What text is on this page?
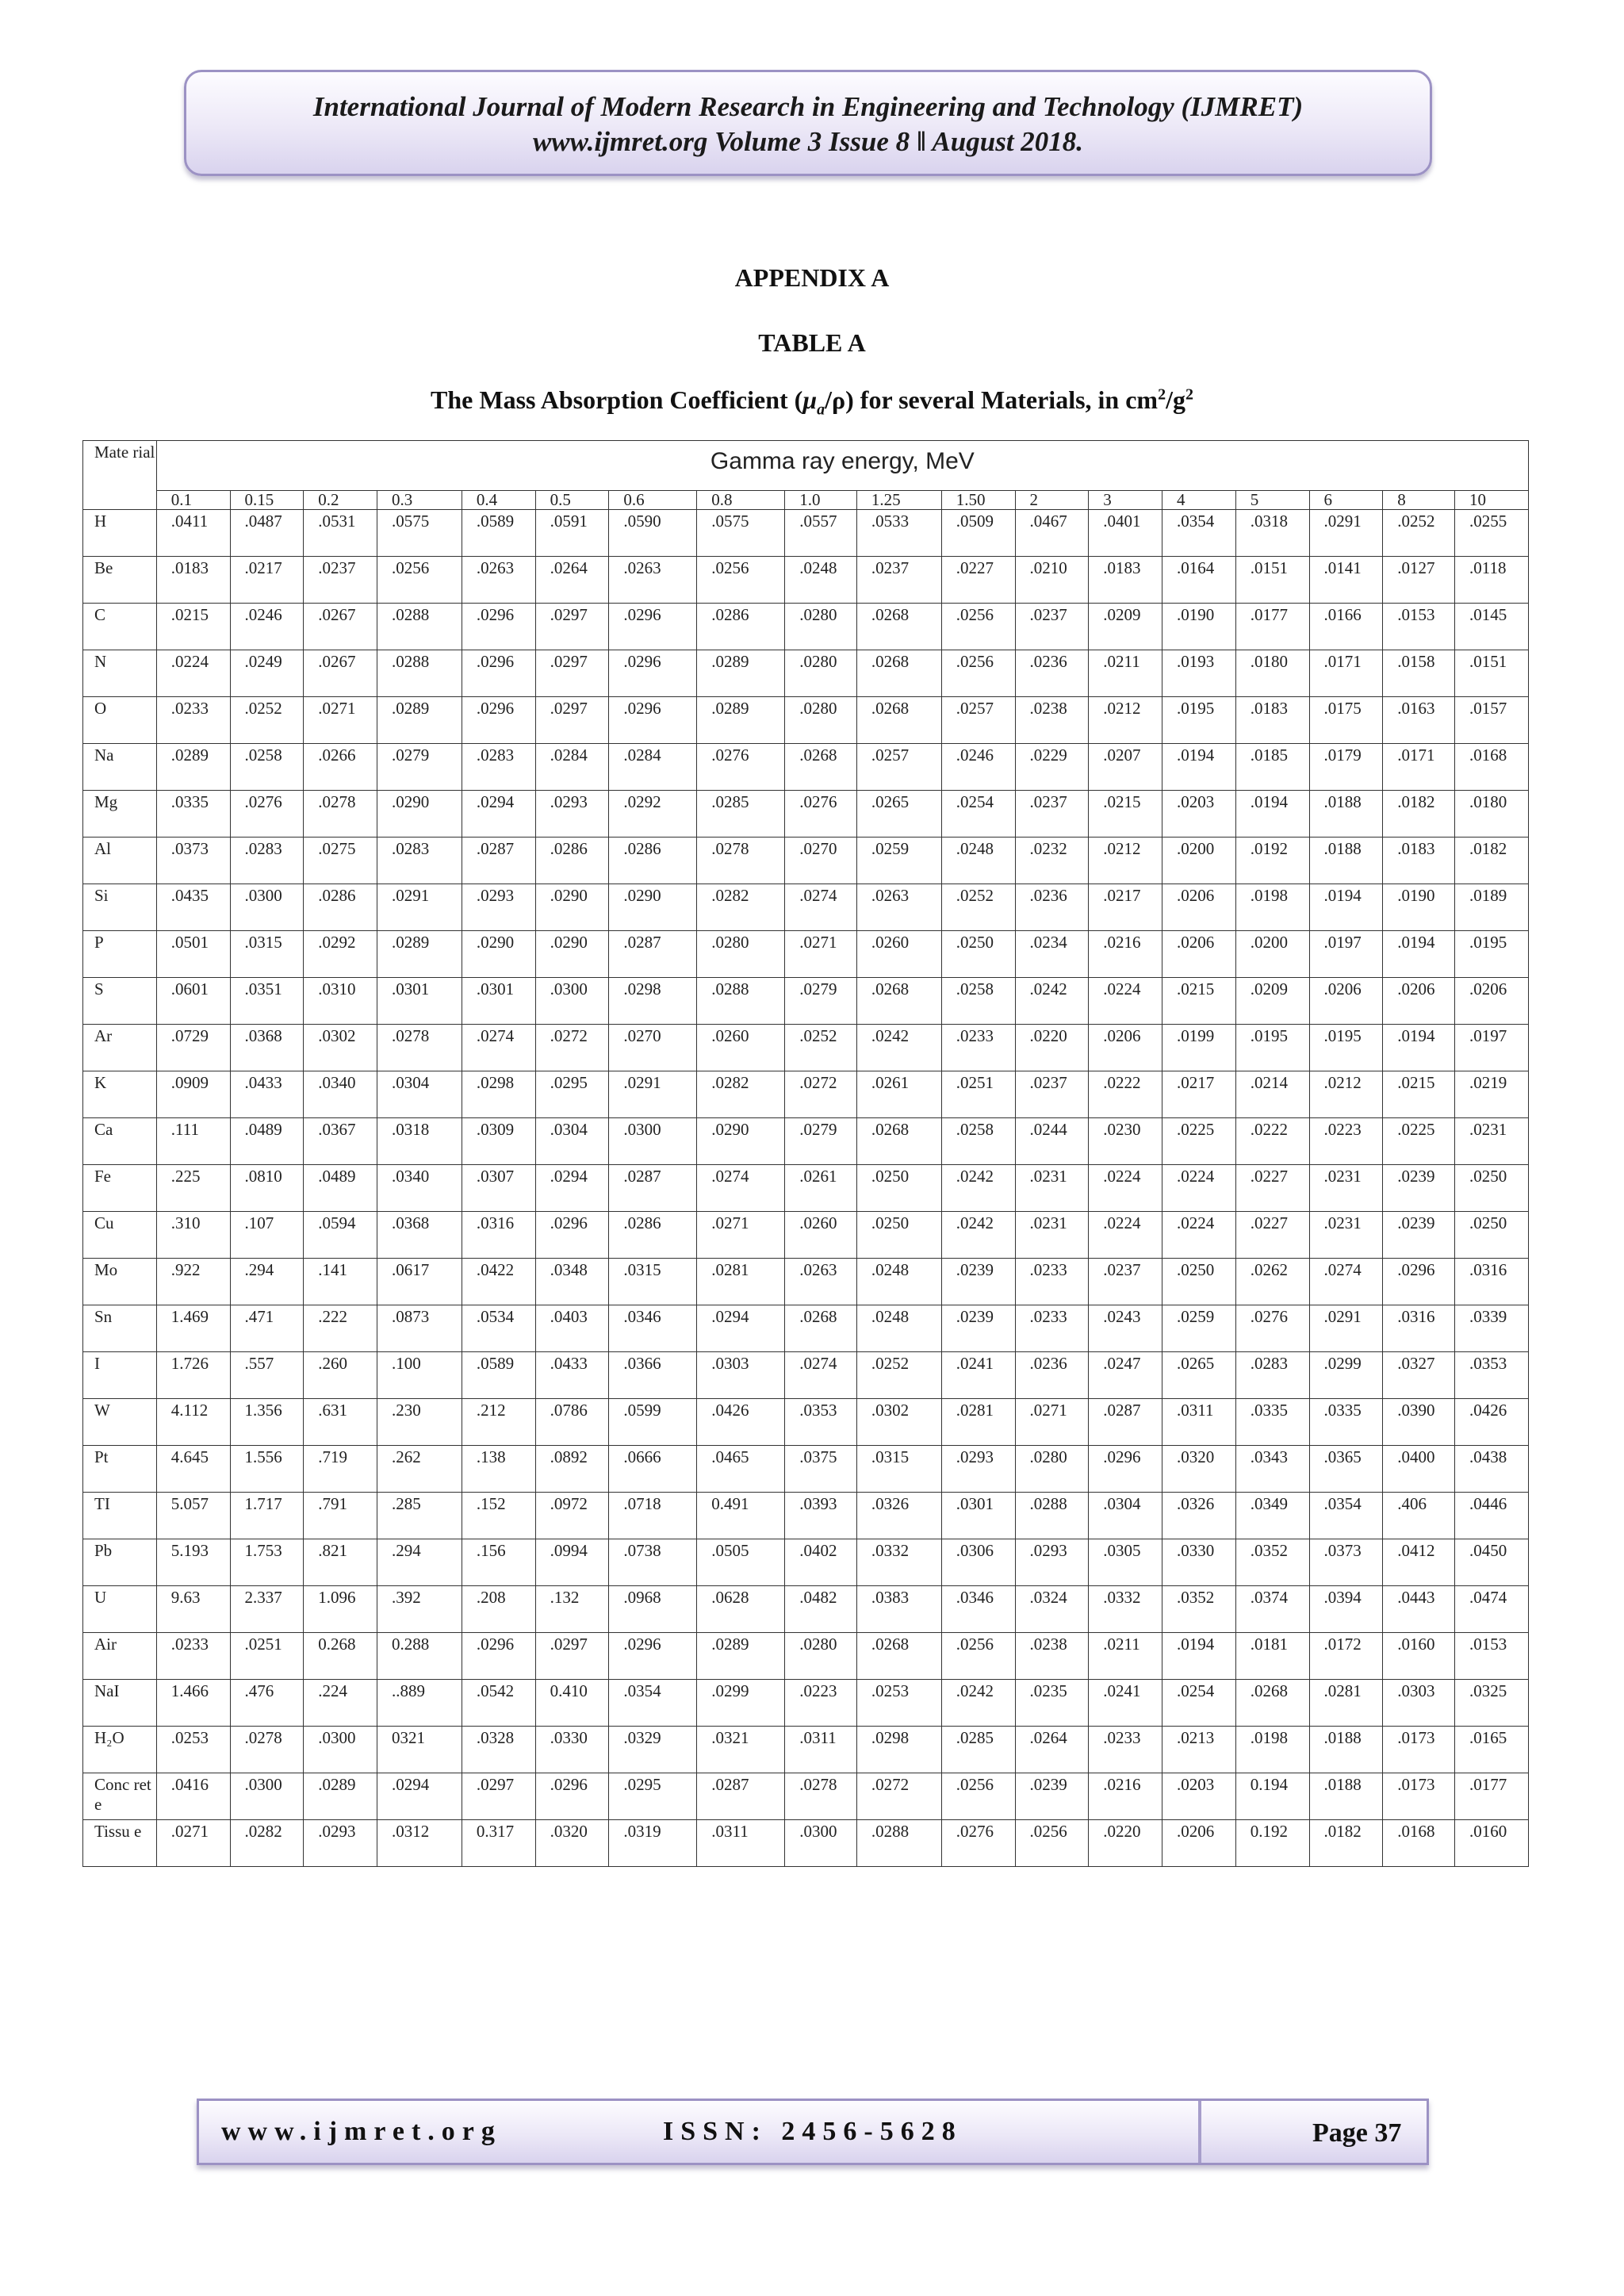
International Journal of Modern Research in Engineering and Technology (IJMRET)
www.ijmret.org Volume 3 Issue 8 ǁ August 2018.
APPENDIX A
TABLE A
The Mass Absorption Coefficient $(\mu_a/\rho)$ for several Materials, in $cm^2/g^2$
Mate rial	Gamma ray energy, MeV																	
	0.1	0.15	0.2	0.3	0.4	0.5	0.6	0.8	1.0	1.25	1.50	2	3	4	5	6	8	10
H	.0411	.0487	.0531	.0575	.0589	.0591	.0590	.0575	.0557	.0533	.0509	.0467	.0401	.0354	.0318	.0291	.0252	.0255
Be	.0183	.0217	.0237	.0256	.0263	.0264	.0263	.0256	.0248	.0237	.0227	.0210	.0183	.0164	.0151	.0141	.0127	.0118
C	.0215	.0246	.0267	.0288	.0296	.0297	.0296	.0286	.0280	.0268	.0256	.0237	.0209	.0190	.0177	.0166	.0153	.0145
N	.0224	.0249	.0267	.0288	.0296	.0297	.0296	.0289	.0280	.0268	.0256	.0236	.0211	.0193	.0180	.0171	.0158	.0151
O	.0233	.0252	.0271	.0289	.0296	.0297	.0296	.0289	.0280	.0268	.0257	.0238	.0212	.0195	.0183	.0175	.0163	.0157
Na	.0289	.0258	.0266	.0279	.0283	.0284	.0284	.0276	.0268	.0257	.0246	.0229	.0207	.0194	.0185	.0179	.0171	.0168
Mg	.0335	.0276	.0278	.0290	.0294	.0293	.0292	.0285	.0276	.0265	.0254	.0237	.0215	.0203	.0194	.0188	.0182	.0180
Al	.0373	.0283	.0275	.0283	.0287	.0286	.0286	.0278	.0270	.0259	.0248	.0232	.0212	.0200	.0192	.0188	.0183	.0182
Si	.0435	.0300	.0286	.0291	.0293	.0290	.0290	.0282	.0274	.0263	.0252	.0236	.0217	.0206	.0198	.0194	.0190	.0189
P	.0501	.0315	.0292	.0289	.0290	.0290	.0287	.0280	.0271	.0260	.0250	.0234	.0216	.0206	.0200	.0197	.0194	.0195
S	.0601	.0351	.0310	.0301	.0301	.0300	.0298	.0288	.0279	.0268	.0258	.0242	.0224	.0215	.0209	.0206	.0206	.0206
Ar	.0729	.0368	.0302	.0278	.0274	.0272	.0270	.0260	.0252	.0242	.0233	.0220	.0206	.0199	.0195	.0195	.0194	.0197
K	.0909	.0433	.0340	.0304	.0298	.0295	.0291	.0282	.0272	.0261	.0251	.0237	.0222	.0217	.0214	.0212	.0215	.0219
Ca	.111	.0489	.0367	.0318	.0309	.0304	.0300	.0290	.0279	.0268	.0258	.0244	.0230	.0225	.0222	.0223	.0225	.0231
Fe	.225	.0810	.0489	.0340	.0307	.0294	.0287	.0274	.0261	.0250	.0242	.0231	.0224	.0224	.0227	.0231	.0239	.0250
Cu	.310	.107	.0594	.0368	.0316	.0296	.0286	.0271	.0260	.0250	.0242	.0231	.0224	.0224	.0227	.0231	.0239	.0250
Mo	.922	.294	.141	.0617	.0422	.0348	.0315	.0281	.0263	.0248	.0239	.0233	.0237	.0250	.0262	.0274	.0296	.0316
Sn	1.469	.471	.222	.0873	.0534	.0403	.0346	.0294	.0268	.0248	.0239	.0233	.0243	.0259	.0276	.0291	.0316	.0339
I	1.726	.557	.260	.100	.0589	.0433	.0366	.0303	.0274	.0252	.0241	.0236	.0247	.0265	.0283	.0299	.0327	.0353
W	4.112	1.356	.631	.230	.212	.0786	.0599	.0426	.0353	.0302	.0281	.0271	.0287	.0311	.0335	.0335	.0390	.0426
Pt	4.645	1.556	.719	.262	.138	.0892	.0666	.0465	.0375	.0315	.0293	.0280	.0296	.0320	.0343	.0365	.0400	.0438
TI	5.057	1.717	.791	.285	.152	.0972	.0718	0.491	.0393	.0326	.0301	.0288	.0304	.0326	.0349	.0354	.406	.0446
Pb	5.193	1.753	.821	.294	.156	.0994	.0738	.0505	.0402	.0332	.0306	.0293	.0305	.0330	.0352	.0373	.0412	.0450
U	9.63	2.337	1.096	.392	.208	.132	.0968	.0628	.0482	.0383	.0346	.0324	.0332	.0352	.0374	.0394	.0443	.0474
Air	.0233	.0251	0.268	0.288	.0296	.0297	.0296	.0289	.0280	.0268	.0256	.0238	.0211	.0194	.0181	.0172	.0160	.0153
NaI	1.466	.476	.224	..889	.0542	0.410	.0354	.0299	.0223	.0253	.0242	.0235	.0241	.0254	.0268	.0281	.0303	.0325
H₂O	.0253	.0278	.0300	0321	.0328	.0330	.0329	.0321	.0311	.0298	.0285	.0264	.0233	.0213	.0198	.0188	.0173	.0165
Conc rete	.0416	.0300	.0289	.0294	.0297	.0296	.0295	.0287	.0278	.0272	.0256	.0239	.0216	.0203	0.194	.0188	.0173	.0177
Tissu e	.0271	.0282	.0293	.0312	0.317	.0320	.0319	.0311	.0300	.0288	.0276	.0256	.0220	.0206	0.192	.0182	.0168	.0160
www.ijmret.org	ISSN: 2456-5628	Page 37
